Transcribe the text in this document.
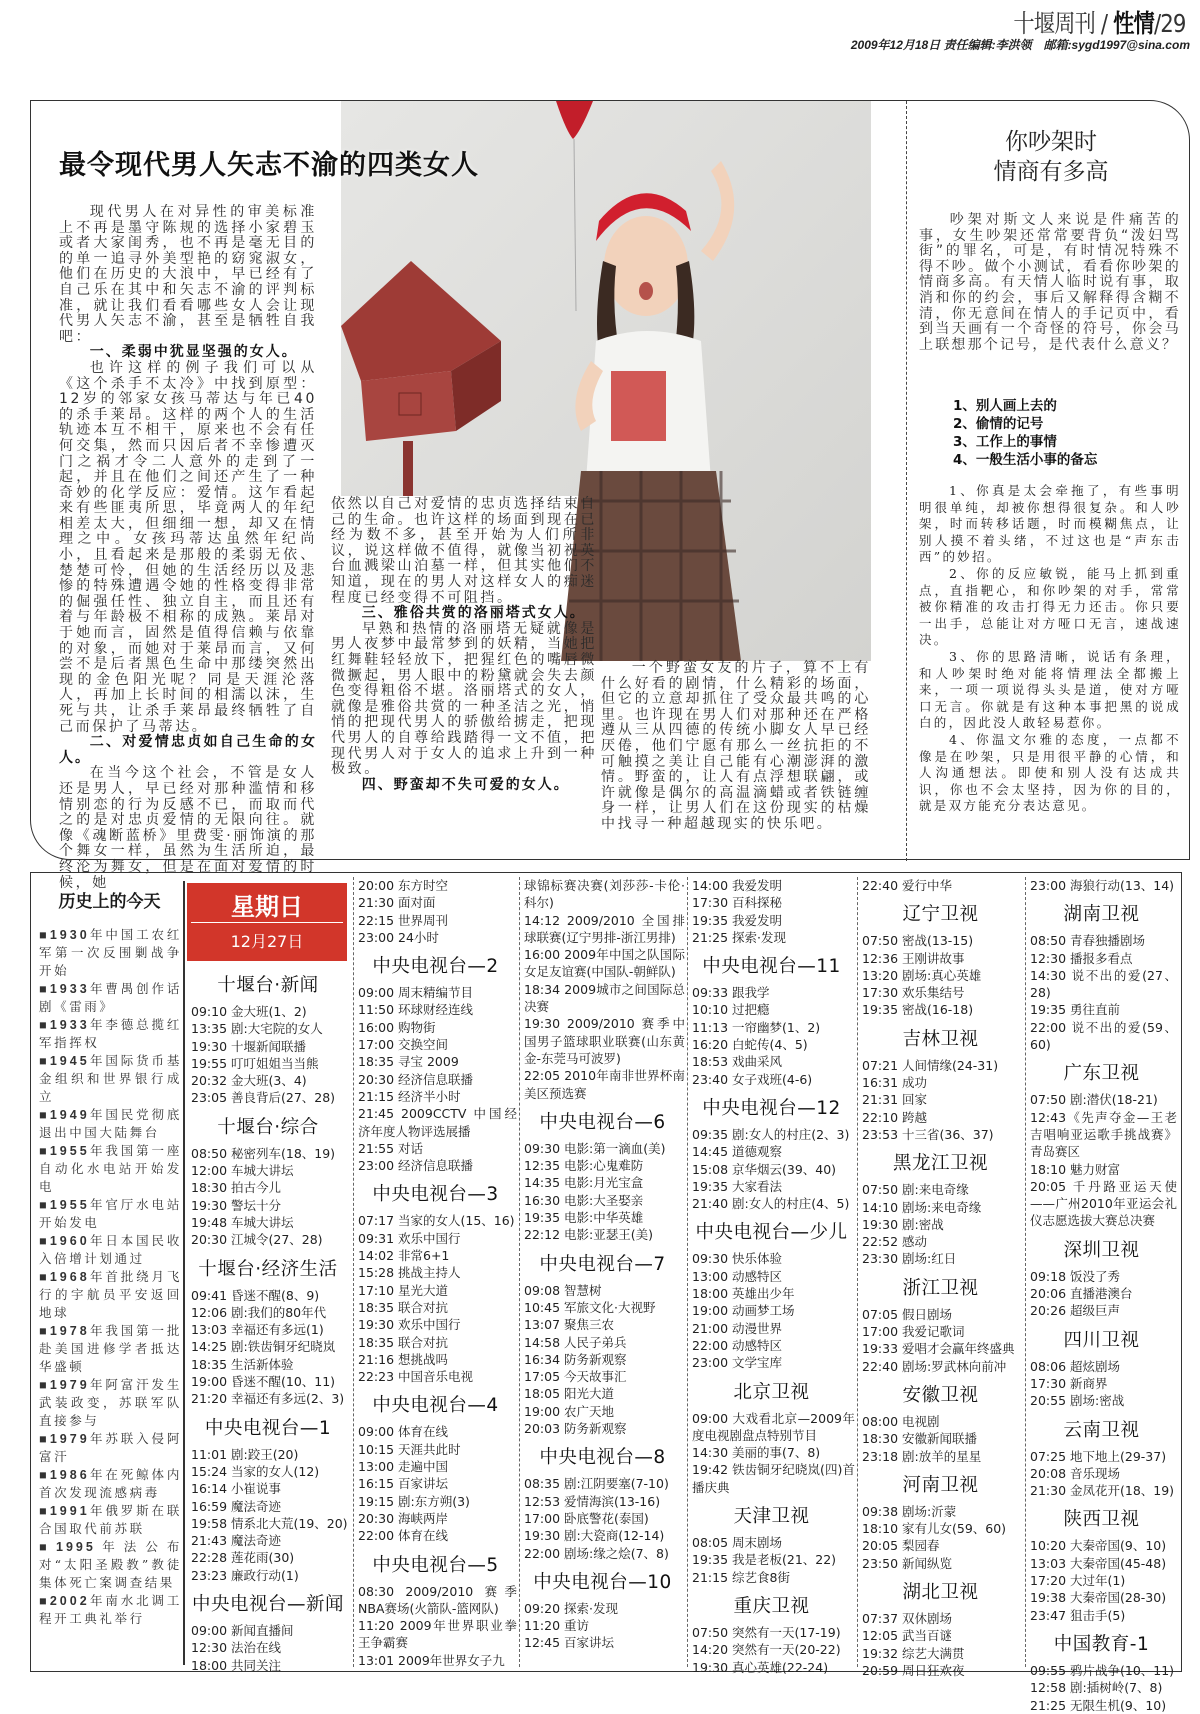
十堰周刊 / 性情/29
2009年12月18日 责任编辑:李洪领　邮箱:sygd1997@sina.com
最令现代男人矢志不渝的四类女人

现代男人在对异性的审美标准上不再是墨守陈规的选择小家碧玉或者大家闺秀，也不再是毫无目的的单一追寻外美型艳的窈窕淑女，他们在历史的大浪中，早已经有了自己乐在其中和矢志不渝的评判标准，就让我们看看哪些女人会让现代男人矢志不渝，甚至是牺牲自我吧：

一、柔弱中犹显坚强的女人。

也许这样的例子我们可以从《这个杀手不太冷》中找到原型：12岁的邻家女孩马蒂达与年已40的杀手莱昂。这样的两个人的生活轨迹本互不相干，原来也不会有任何交集，然而只因后者不幸惨遭灭门之祸才令二人意外的走到了一起，并且在他们之间还产生了一种奇妙的化学反应：爱情。这乍看起来有些匪夷所思，毕竟两人的年纪相差太大，但细细一想，却又在情理之中。女孩玛蒂达虽然年纪尚小，且看起来是那般的柔弱无依、楚楚可怜，但她的生活经历以及悲惨的特殊遭遇令她的性格变得非常的倔强任性、独立自主，而且还有着与年龄极不相称的成熟。莱昂对于她而言，固然是值得信赖与依靠的对象，而她对于莱昂而言，又何尝不是后者黑色生命中那缕突然出现的金色阳光呢？同是天涯沦落人，再加上长时间的相濡以沫，生死与共，让杀手莱昂最终牺牲了自己而保护了马蒂达。

二、对爱情忠贞如自己生命的女人。

在当今这个社会，不管是女人还是男人，早已经对那种滥情和移情别恋的行为反感不已，而取而代之的是对忠贞爱情的无限向往。就像《魂断蓝桥》里费雯·丽饰演的那个舞女一样，虽然为生活所迫，最终沦为舞女，但是在面对爱情的时候，她

依然以自己对爱情的忠贞选择结束自己的生命。也许这样的场面到现在已经为数不多，甚至开始为人们所非议，说这样做不值得，就像当初祝英台血溅梁山泊墓一样，但其实他们不知道，现在的男人对这样女人的痴迷程度已经变得不可阻挡。

三、雅俗共赏的洛丽塔式女人。

早熟和热情的洛丽塔无疑就像是男人夜梦中最常梦到的妖精，当她把红舞鞋轻轻放下，把猩红色的嘴唇微微撅起，男人眼中的粉黛就会失去颜色变得粗俗不堪。洛丽塔式的女人，就像是雅俗共赏的一种圣洁之光，悄悄的把现代男人的骄傲给掳走，把现代男人的自尊给践踏得一文不值，把现代男人对于女人的追求上升到一种极致。

四、野蛮却不失可爱的女人。

一个野蛮女友的片子，算不上有什么好看的剧情，什么精彩的场面，但它的立意却抓住了受众最共鸣的心里。也许现在男人们对那种还在严格遵从三从四德的传统小脚女人早已经厌倦，他们宁愿有那么一丝抗拒的不可触摸之美让自己能有心潮澎湃的激情。野蛮的，让人有点浮想联翩，或许就像是偶尔的高温滴蜡或者铁链缠身一样，让男人们在这份现实的枯燥中找寻一种超越现实的快乐吧。

你吵架时
情商有多高
吵架对斯文人来说是件痛苦的事，女生吵架还常常要背负“泼妇骂街”的罪名，可是，有时情况特殊不得不吵。做个小测试，看看你吵架的情商多高。有天情人临时说有事，取消和你的约会，事后又解释得含糊不清，你无意间在情人的手记页中，看到当天画有一个奇怪的符号，你会马上联想那个记号，是代表什么意义？
1、别人画上去的
2、偷情的记号
3、工作上的事情
4、一般生活小事的备忘

1、你真是太会牵拖了，有些事明明很单纯，却被你想得很复杂。和人吵架，时而转移话题，时而模糊焦点，让别人摸不着头绪，不过这也是“声东击西”的妙招。

2、你的反应敏锐，能马上抓到重点，直指靶心，和你吵架的对手，常常被你精准的攻击打得无力还击。你只要一出手，总能让对方哑口无言，速战速决。

3、你的思路清晰，说话有条理，和人吵架时绝对能将情理法全都搬上来，一项一项说得头头是道，使对方哑口无言。你就是有这种本事把黑的说成白的，因此没人敢轻易惹你。

4、你温文尔雅的态度，一点都不像是在吵架，只是用很平静的心情，和人沟通想法。即使和别人没有达成共识，你也不会太坚持，因为你的目的，就是双方能充分表达意见。

历史上的今天
■1930年中国工农红军第一次反围剿战争开始
■1933年曹禺创作话剧《雷雨》
■1933年李德总揽红军指挥权
■1945年国际货币基金组织和世界银行成立
■1949年国民党彻底退出中国大陆舞台
■1955年我国第一座自动化水电站开始发电
■1955年官厅水电站开始发电
■1960年日本国民收入倍增计划通过
■1968年首批绕月飞行的宇航员平安返回地球
■1978年我国第一批赴美国进修学者抵达华盛顿
■1979年阿富汗发生武装政变，苏联军队直接参与
■1979年苏联入侵阿富汗
■1986年在死鲸体内首次发现流感病毒
■1991年俄罗斯在联合国取代前苏联
■1995年法公布对“太阳圣殿教”教徒集体死亡案调查结果
■2002年南水北调工程开工典礼举行
星期日
12月27日
十堰台·新闻
09:10 金大班(1、2)
13:35 剧:大宅院的女人
19:30 十堰新闻联播
19:55 叮叮姐姐当当熊
20:32 金大班(3、4)
23:05 善良背后(27、28)
十堰台·综合
08:50 秘密列车(18、19)
12:00 车城大讲坛
18:30 拍古今儿
19:30 警坛十分
19:48 车城大讲坛
20:30 江城令(27、28)
十堰台·经济生活
09:41 昏迷不醒(8、9)
12:06 剧:我们的80年代
13:03 幸福还有多远(1)
14:25 剧:铁齿铜牙纪晓岚
18:35 生活新体验
19:00 昏迷不醒(10、11)
21:20 幸福还有多远(2、3)
中央电视台—1
11:01 剧:跤王(20)
15:24 当家的女人(12)
16:14 小崔说事
16:59 魔法奇迹
19:58 情系北大荒(19、20)
21:43 魔法奇迹
22:28 莲花雨(30)
23:23 廉政行动(1)
中央电视台—新闻
09:00 新闻直播间
12:30 法治在线
18:00 共同关注
20:00 东方时空
21:30 面对面
22:15 世界周刊
23:00 24小时
中央电视台—2
09:00 周末精编节目
11:50 环球财经连线
16:00 购物街
17:00 交换空间
18:35 寻宝 2009
20:30 经济信息联播
21:15 经济半小时
21:45 2009CCTV 中国经济年度人物评选展播
21:55 对话
23:00 经济信息联播
中央电视台—3
07:17 当家的女人(15、16)
09:31 欢乐中国行
14:02 非常6+1
15:28 挑战主持人
17:10 星光大道
18:35 联合对抗
19:30 欢乐中国行
18:35 联合对抗
21:16 想挑战吗
22:23 中国音乐电视
中央电视台—4
09:00 体育在线
10:15 天涯共此时
13:00 走遍中国
16:15 百家讲坛
19:15 剧:东方朔(3)
20:30 海峡两岸
22:00 体育在线
中央电视台—5
08:30 2009/2010 赛季NBA赛场(火箭队-篮网队)
11:20 2009年世界职业拳王争霸赛
13:01 2009年世界女子九
球锦标赛决赛(刘莎莎-卡伦·科尔)
14:12 2009/2010 全国排球联赛(辽宁男排-浙江男排)
16:00 2009年中国之队国际女足友谊赛(中国队-朝鲜队)
18:34 2009城市之间国际总决赛
19:30 2009/2010 赛季中国男子篮球职业联赛(山东黄金-东莞马可波罗)
22:05 2010年南非世界杯南美区预选赛
中央电视台—6
09:30 电影:第一滴血(美)
12:35 电影:心鬼难防
14:35 电影:月光宝盒
16:30 电影:大圣娶亲
19:35 电影:中华英雄
22:12 电影:亚瑟王(美)
中央电视台—7
09:08 智慧树
10:45 军旅文化·大视野
13:07 聚焦三农
14:58 人民子弟兵
16:34 防务新观察
17:05 今天故事汇
18:05 阳光大道
19:00 农广天地
20:03 防务新观察
中央电视台—8
08:35 剧:江阴要塞(7-10)
12:53 爱情海滨(13-16)
17:00 卧底警花(泰国)
19:30 剧:大瓷商(12-14)
22:00 剧场:缘之烩(7、8)
中央电视台—10
09:20 探索·发现
11:20 重访
12:45 百家讲坛
14:00 我爱发明
17:30 百科探秘
19:35 我爱发明
21:25 探索·发现
中央电视台—11
09:33 跟我学
10:10 过把瘾
11:13 一帘幽梦(1、2)
16:20 白蛇传(4、5)
18:53 戏曲采风
23:40 女子戏班(4-6)
中央电视台—12
09:35 剧:女人的村庄(2、3)
14:45 道德观察
15:08 京华烟云(39、40)
19:35 大家看法
21:40 剧:女人的村庄(4、5)
中央电视台—少儿
09:30 快乐体验
13:00 动感特区
18:00 英雄出少年
19:00 动画梦工场
21:00 动漫世界
22:00 动感特区
23:00 文学宝库
北京卫视
09:00 大戏看北京—2009年度电视剧盘点特别节目
14:30 美丽的事(7、8)
19:42 铁齿铜牙纪晓岚(四)首播庆典
天津卫视
08:05 周末剧场
19:35 我是老板(21、22)
21:15 综艺食8街
重庆卫视
07:50 突然有一天(17-19)
14:20 突然有一天(20-22)
19:30 真心英雄(22-24)
22:40 爱行中华
辽宁卫视
07:50 密战(13-15)
12:36 王刚讲故事
13:20 剧场:真心英雄
17:30 欢乐集结号
19:35 密战(16-18)
吉林卫视
07:21 人间情缘(24-31)
16:31 成功
21:31 回家
22:10 跨越
23:53 十三省(36、37)
黑龙江卫视
07:50 剧:来电奇缘
14:10 剧场:来电奇缘
19:30 剧:密战
22:52 感动
23:30 剧场:红日
浙江卫视
07:05 假日剧场
17:00 我爱记歌词
19:33 爱唱才会赢年终盛典
22:40 剧场:罗武林向前冲
安徽卫视
08:00 电视剧
18:30 安徽新闻联播
23:18 剧:放羊的星星
河南卫视
09:38 剧场:沂蒙
18:10 家有儿女(59、60)
20:05 梨园春
23:50 新闻纵览
湖北卫视
07:37 双休剧场
12:05 武当百谜
19:32 综艺大满贯
20:59 周日狂欢夜
23:00 海狼行动(13、14)
湖南卫视
08:50 青春独播剧场
12:30 播报多看点
14:30 说不出的爱(27、28)
19:35 勇往直前
22:00 说不出的爱(59、60)
广东卫视
07:50 剧:潜伏(18-21)
12:43《先声夺金—王老吉唱响亚运歌手挑战赛》青岛赛区
18:10 魅力财富
20:05 千丹路亚运天使——广州2010年亚运会礼仪志愿选拔大赛总决赛
深圳卫视
09:18 饭没了秀
20:06 直播港澳台
20:26 超级巨声
四川卫视
08:06 超炫剧场
17:30 新商界
20:55 剧场:密战
云南卫视
07:25 地下地上(29-37)
20:08 音乐现场
21:30 金凤花开(18、19)
陕西卫视
10:20 大秦帝国(9、10)
13:03 大秦帝国(45-48)
17:20 大过年(1)
19:38 大秦帝国(28-30)
23:47 狙击手(5)
中国教育-1
09:55 鸦片战争(10、11)
12:58 剧:插树岭(7、8)
21:25 无限生机(9、10)
